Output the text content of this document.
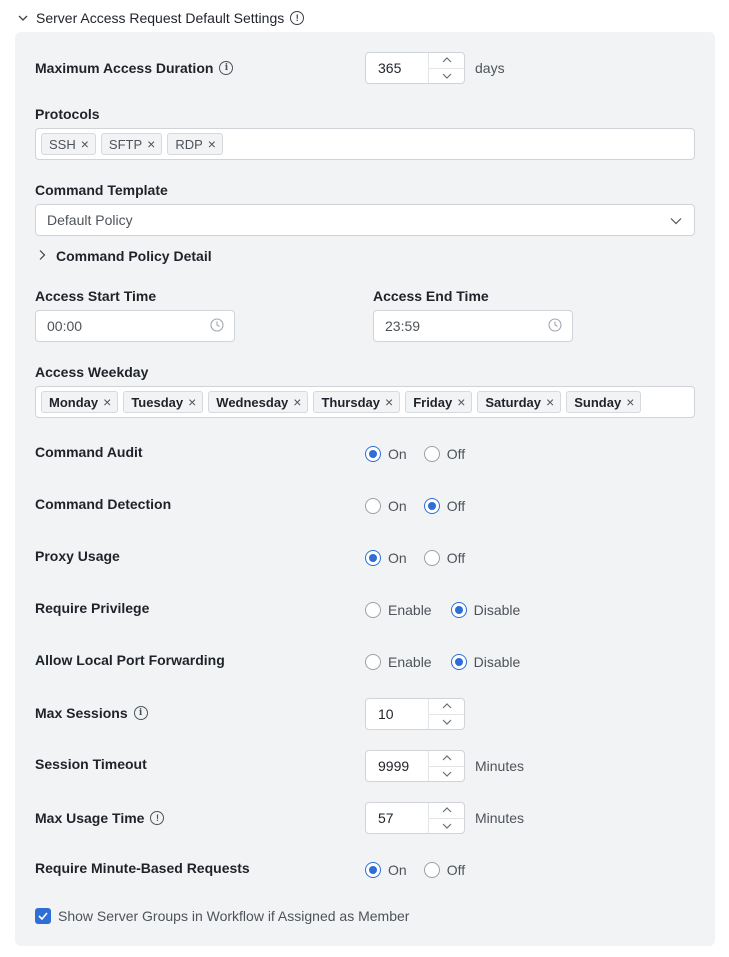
Server Access Request Default Settings	!
Maximum Access Duration	i	365	days
Protocols
SSH × SFTP × RDP ×
Command Template
Default Policy
Command Policy Detail
Access Start Time
00:00
Access End Time
23:59
Access Weekday
Monday × Tuesday × Wednesday × Thursday × Friday × Saturday × Sunday ×
Command Audit	On	Off
Command Detection	On	Off
Proxy Usage	On	Off
Require Privilege	Enable	Disable
Allow Local Port Forwarding	Enable	Disable
Max Sessions	i	10
Session Timeout	9999	Minutes
Max Usage Time	!	57	Minutes
Require Minute-Based Requests	On	Off
Show Server Groups in Workflow if Assigned as Member
